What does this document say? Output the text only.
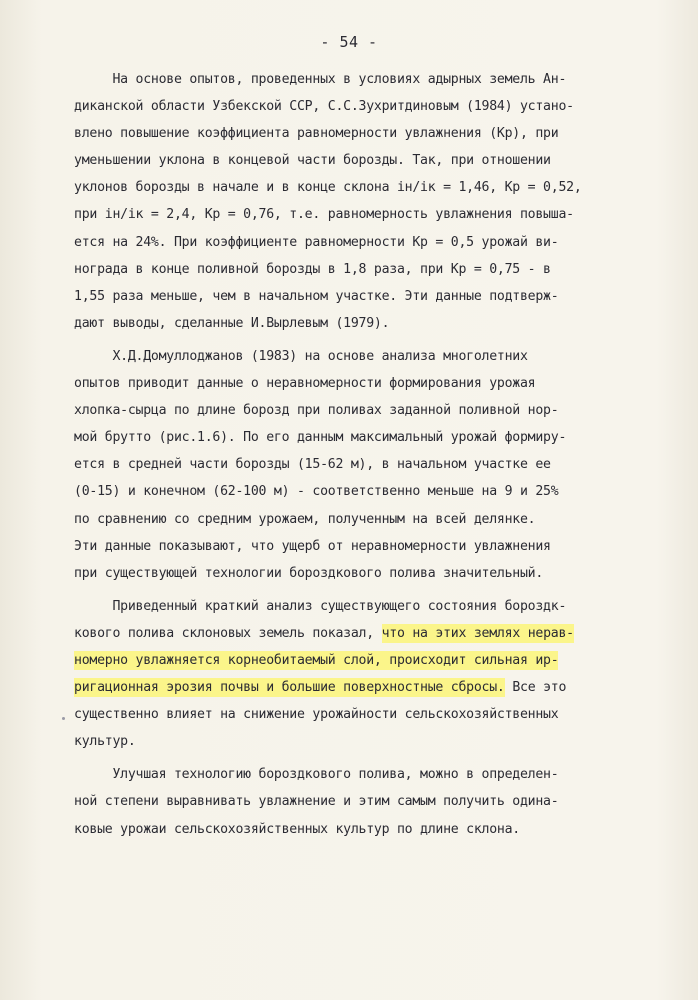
- 54 -
На основе опытов, проведенных в условиях адырных земель Ан-
диканской области Узбекской ССР, С.С.Зухритдиновым (1984) устано-
влено повышение коэффициента равномерности увлажнения (Кр), при
уменьшении уклона в концевой части борозды. Так, при отношении
уклонов борозды в начале и в конце склона iн/iк = 1,46, Кр = 0,52,
при iн/iк = 2,4, Кр = 0,76, т.е. равномерность увлажнения повыша-
ется на 24%. При коэффициенте равномерности Кр = 0,5 урожай ви-
нограда в конце поливной борозды в 1,8 раза, при Кр = 0,75 - в
1,55 раза меньше, чем в начальном участке. Эти данные подтверж-
дают выводы, сделанные И.Вырлевым (1979).
Х.Д.Домуллоджанов (1983) на основе анализа многолетних
опытов приводит данные о неравномерности формирования урожая
хлопка-сырца по длине борозд при поливах заданной поливной нор-
мой брутто (рис.1.6). По его данным максимальный урожай формиру-
ется в средней части борозды (15-62 м), в начальном участке ее
(0-15) и конечном (62-100 м) - соответственно меньше на 9 и 25%
по сравнению со средним урожаем, полученным на всей делянке.
Эти данные показывают, что ущерб от неравномерности увлажнения
при существующей технологии бороздкового полива значительный.
Приведенный краткий анализ существующего состояния бороздк-
кового полива склоновых земель показал, что на этих землях нерав-
номерно увлажняется корнеобитаемый слой, происходит сильная ир-
ригационная эрозия почвы и большие поверхностные сбросы. Все это
существенно влияет на снижение урожайности сельскохозяйственных
культур.
Улучшая технологию бороздкового полива, можно в определен-
ной степени выравнивать увлажнение и этим самым получить одина-
ковые урожаи сельскохозяйственных культур по длине склона.
